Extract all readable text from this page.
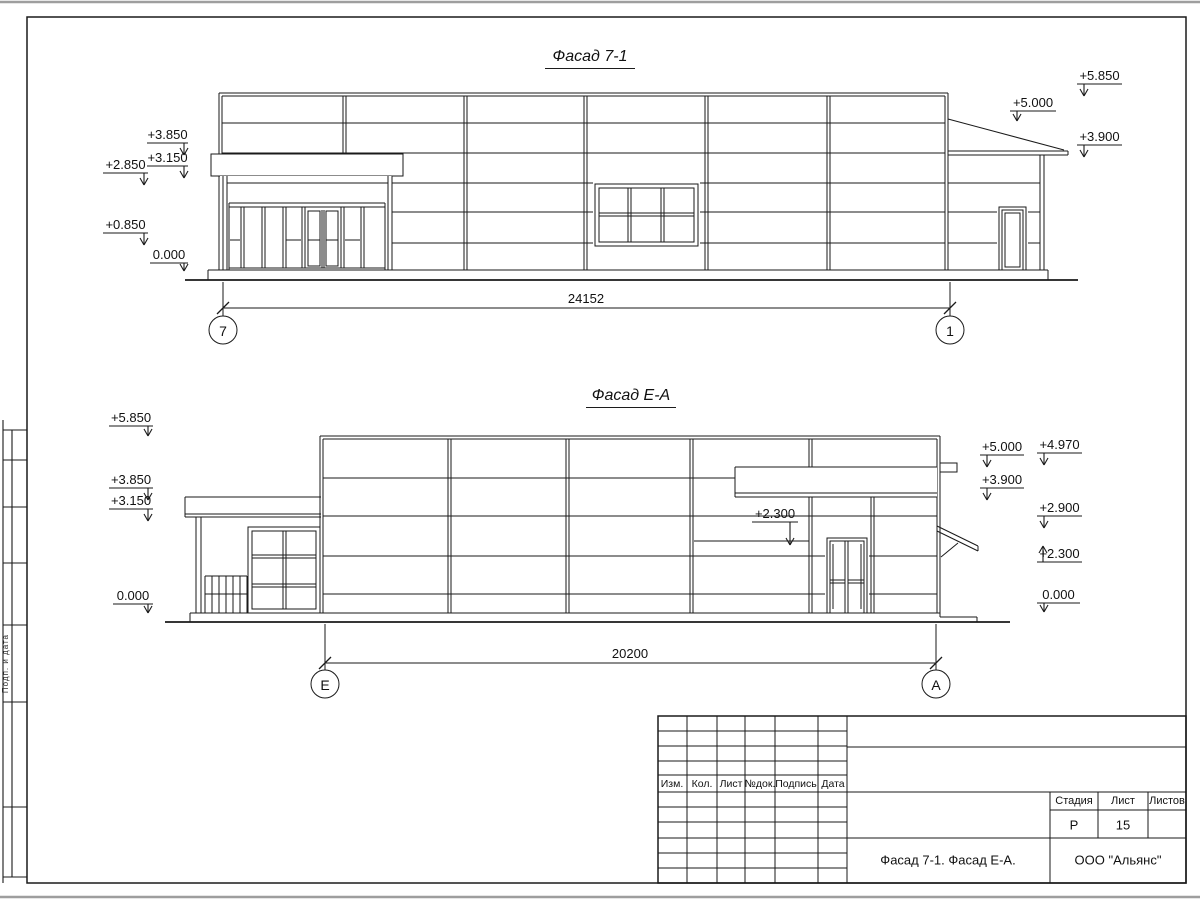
24152
7	1
20200
Е	А
+3.850
+3.150
+2.850
+0.850
0.000
+5.850
+5.000
+3.900
+5.850
+3.850
+3.150
0.000
+5.000
+3.900
+4.970
+2.900
+2.300
0.000
+2.300
Фасад 7-1
Фасад Е-А
Изм. Кол. Лист №док. Подпись Дата
Стадия Лист Листов
Р	15
Фасад 7-1. Фасад Е-А.	ООО "Альянс"
Подп. и дата
